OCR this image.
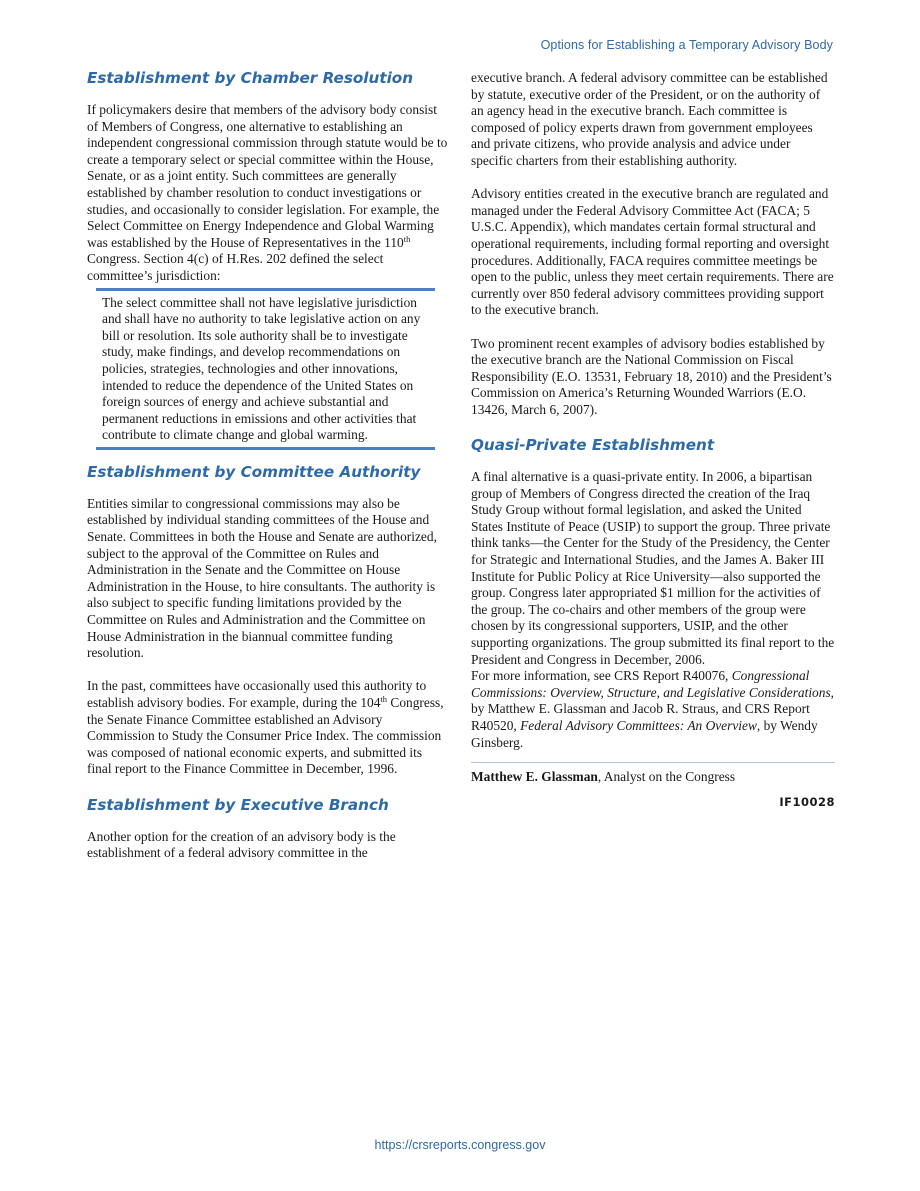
Options for Establishing a Temporary Advisory Body
Establishment by Chamber Resolution

If policymakers desire that members of the advisory body consist of Members of Congress, one alternative to establishing an independent congressional commission through statute would be to create a temporary select or special committee within the House, Senate, or as a joint entity. Such committees are generally established by chamber resolution to conduct investigations or studies, and occasionally to consider legislation. For example, the Select Committee on Energy Independence and Global Warming was established by the House of Representatives in the 110th Congress. Section 4(c) of H.Res. 202 defined the select committee’s jurisdiction:

The select committee shall not have legislative jurisdiction and shall have no authority to take legislative action on any bill or resolution. Its sole authority shall be to investigate study, make findings, and develop recommendations on policies, strategies, technologies and other innovations, intended to reduce the dependence of the United States on foreign sources of energy and achieve substantial and permanent reductions in emissions and other activities that contribute to climate change and global warming.

Establishment by Committee Authority

Entities similar to congressional commissions may also be established by individual standing committees of the House and Senate. Committees in both the House and Senate are authorized, subject to the approval of the Committee on Rules and Administration in the Senate and the Committee on House Administration in the House, to hire consultants. The authority is also subject to specific funding limitations provided by the Committee on Rules and Administration and the Committee on House Administration in the biannual committee funding resolution.

In the past, committees have occasionally used this authority to establish advisory bodies. For example, during the 104th Congress, the Senate Finance Committee established an Advisory Commission to Study the Consumer Price Index. The commission was composed of national economic experts, and submitted its final report to the Finance Committee in December, 1996.

Establishment by Executive Branch

Another option for the creation of an advisory body is the establishment of a federal advisory committee in the

executive branch. A federal advisory committee can be established by statute, executive order of the President, or on the authority of an agency head in the executive branch. Each committee is composed of policy experts drawn from government employees and private citizens, who provide analysis and advice under specific charters from their establishing authority.

Advisory entities created in the executive branch are regulated and managed under the Federal Advisory Committee Act (FACA; 5 U.S.C. Appendix), which mandates certain formal structural and operational requirements, including formal reporting and oversight procedures. Additionally, FACA requires committee meetings be open to the public, unless they meet certain requirements. There are currently over 850 federal advisory committees providing support to the executive branch.

Two prominent recent examples of advisory bodies established by the executive branch are the National Commission on Fiscal Responsibility (E.O. 13531, February 18, 2010) and the President’s Commission on America’s Returning Wounded Warriors (E.O. 13426, March 6, 2007).

Quasi-Private Establishment

A final alternative is a quasi-private entity. In 2006, a bipartisan group of Members of Congress directed the creation of the Iraq Study Group without formal legislation, and asked the United States Institute of Peace (USIP) to support the group. Three private think tanks—the Center for the Study of the Presidency, the Center for Strategic and International Studies, and the James A. Baker III Institute for Public Policy at Rice University—also supported the group. Congress later appropriated $1 million for the activities of the group. The co-chairs and other members of the group were chosen by its congressional supporters, USIP, and the other supporting organizations. The group submitted its final report to the President and Congress in December, 2006.

For more information, see CRS Report R40076, Congressional Commissions: Overview, Structure, and Legislative Considerations, by Matthew E. Glassman and Jacob R. Straus, and CRS Report R40520, Federal Advisory Committees: An Overview, by Wendy Ginsberg.

Matthew E. Glassman, Analyst on the Congress

IF10028
https://crsreports.congress.gov
